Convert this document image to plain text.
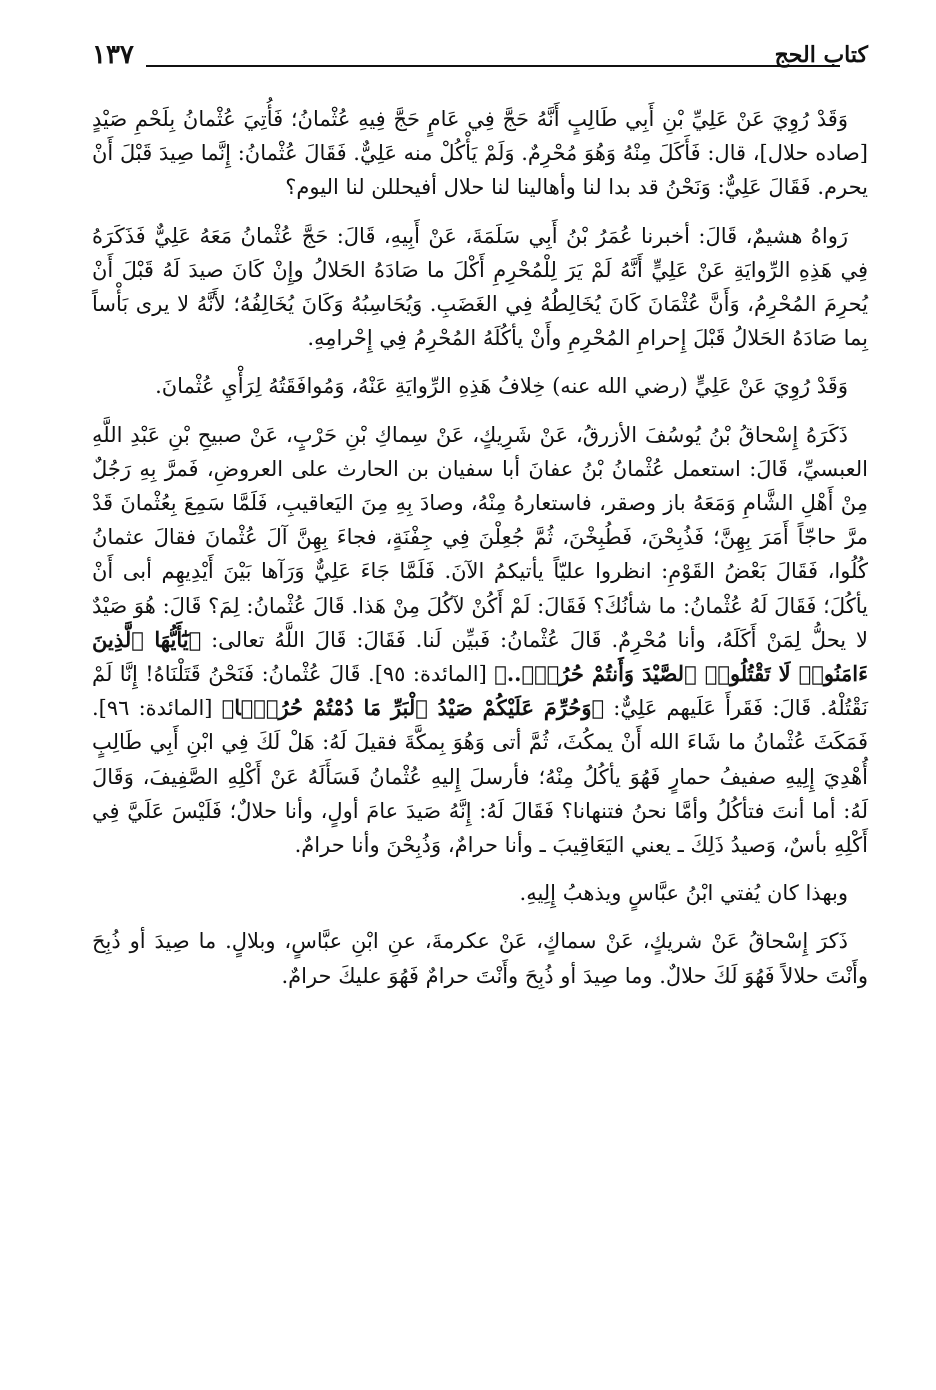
كتاب الحج
١٣٧

وَقَدْ رُوِيَ عَنْ عَلِيِّ بْنِ أَبِي طَالِبٍ أَنَّهُ حَجَّ فِي عَامٍ حَجَّ فِيهِ عُثْمانُ؛ فَأُتِيَ عُثْمانُ بِلَحْمِ صَيْدٍ [صاده حلال]، قال: فَأَكَلَ مِنْهُ وَهُوَ مُحْرِمٌ. وَلَمْ يَأْكُلْ منه عَلِيٌّ. فَقَالَ عُثْمانُ: إِنَّما صِيدَ قَبْلَ أَنْ يحرم. فَقَالَ عَلِيٌّ: وَنَحْنُ قد بدا لنا وأهالينا لنا حلال أفيحللن لنا اليوم؟

رَواهُ هشيمٌ، قَالَ: أخبرنا عُمَرُ بْنُ أَبِي سَلَمَةَ، عَنْ أَبِيهِ، قَالَ: حَجَّ عُثْمانُ مَعَهُ عَلِيٌّ فَذَكَرَهُ فِي هَذِهِ الرِّوايَةِ عَنْ عَلِيٍّ أَنَّهُ لَمْ يَرَ لِلْمُحْرِمِ أَكْلَ ما صَادَهُ الحَلالُ وإِنْ كَانَ صيدَ لَهُ قَبْلَ أَنْ يُحرِمَ المُحْرِمُ، وَأَنَّ عُثْمَانَ كَانَ يُخَالِطُهُ فِي الغَضَبِ. وَيُحَاسِبُهُ وَكَانَ يُخَالِفُهُ؛ لأَنَّهُ لا يرى بَأْساً بِما صَادَهُ الحَلالُ قَبْلَ إِحرامِ المُحْرِمِ وأَنْ يأكُلَهُ المُحْرِمُ فِي إِحْرامِهِ.

وَقَدْ رُوِيَ عَنْ عَلِيٍّ (رضي الله عنه) خِلافُ هَذِهِ الرِّوايَةِ عَنْهُ، وَمُوافَقَتُهُ لِرَأْيِ عُثْمانَ.

ذَكَرَهُ إِسْحاقُ بْنُ يُوسُفَ الأزرقُ، عَنْ شَرِيكٍ، عَنْ سِماكِ بْنِ حَرْبٍ، عَنْ صبيحِ بْنِ عَبْدِ اللَّهِ العبسيِّ، قَالَ: استعمل عُثْمانُ بْنُ عفانَ أبا سفيان بن الحارث على العروضِ، فَمرَّ بِهِ رَجُلٌ مِنْ أَهْلِ الشَّامِ وَمَعَهُ باز وصقر، فاستعارهُ مِنْهُ، وصادَ بِهِ مِنَ اليَعاقيبِ، فَلَمَّا سَمِعَ بِعُثْمانَ قَدْ مرَّ حاجّاً أَمَرَ بِهِنَّ؛ فَذُبِحْنَ، فَطُبِخْنَ، ثُمَّ جُعِلْنَ فِي جِفْنَةٍ، فجاءَ بِهِنَّ آلَ عُثْمانَ فقالَ عثمانُ كُلُوا، فَقَالَ بَعْضُ القَوْمِ: انظروا عليّاً يأتيكمُ الآنَ. فَلَمَّا جَاءَ عَلِيٌّ وَرَآها بَيْنَ أَيْدِيهِم أبى أَنْ يأكُلَ؛ فَقَالَ لَهُ عُثْمانُ: ما شأنُكَ؟ فَقَالَ: لَمْ أَكُنْ لآكُلَ مِنْ هَذا. قَالَ عُثْمانُ: لِمَ؟ قَالَ: هُوَ صَيْدٌ لا يحلُّ لِمَنْ أَكَلَهُ، وأنا مُحْرِمٌ. قَالَ عُثْمانُ: فَبيِّن لَنا. فَقَالَ: قَالَ اللَّهُ تعالى: ﴿يَٰٓأَيُّهَا ٱلَّذِينَ ءَامَنُوا۟ لَا تَقْتُلُوا۟ ٱلصَّيْدَ وَأَنتُمْ حُرُمٌۭ..﴾ [المائدة: ٩٥]. قَالَ عُثْمانُ: فَنَحْنُ قَتَلْنَاهُ! إِنَّا لَمْ نَقْتُلْهُ. قَالَ: فَقَرأَ عَلَيهم عَلِيٌّ: ﴿وَحُرِّمَ عَلَيْكُمْ صَيْدُ ٱلْبَرِّ مَا دُمْتُمْ حُرُمًۭا﴾ [المائدة: ٩٦]. فَمَكَثَ عُثْمانُ ما شَاءَ الله أَنْ يمكُثَ، ثُمَّ أتى وَهُوَ بِمكَّةَ فقيلَ لَهُ: هَلْ لَكَ فِي ابْنِ أَبِي طَالِبٍ أُهْدِيَ إِلِيهِ صفيفُ حمارٍ فَهُوَ يأكُلُ مِنْهُ؛ فأرسلَ إِليهِ عُثْمانُ فَسَأَلَهُ عَنْ أَكْلِهِ الصَّفِيفَ، وَقَالَ لَهُ: أما أنتَ فتأكُلُ وأمَّا نحنُ فتنهانا؟ فَقَالَ لَهُ: إِنَّهُ صَيدَ عامَ أولٍ، وأنا حلالٌ؛ فَلَيْسَ عَلَيَّ فِي أَكْلِهِ بأسٌ، وَصيدُ ذَلِكَ ـ يعني اليَعَاقِيبَ ـ وأنا حرامٌ، وَذُبِحْنَ وأنا حرامٌ.

وبهذا كان يُفتي ابْنُ عبَّاسٍ ويذهبُ إِلِيهِ.

ذَكرَ إِسْحاقُ عَنْ شريكٍ، عَنْ سماكٍ، عَنْ عكرمةَ، عنِ ابْنِ عبَّاسٍ، وبلالٍ. ما صِيدَ أو ذُبِحَ وأَنْتَ حلالاً فَهُوَ لَكَ حلالٌ. وما صِيدَ أو ذُبِحَ وأَنْتَ حرامٌ فَهُوَ عليكَ حرامٌ.
